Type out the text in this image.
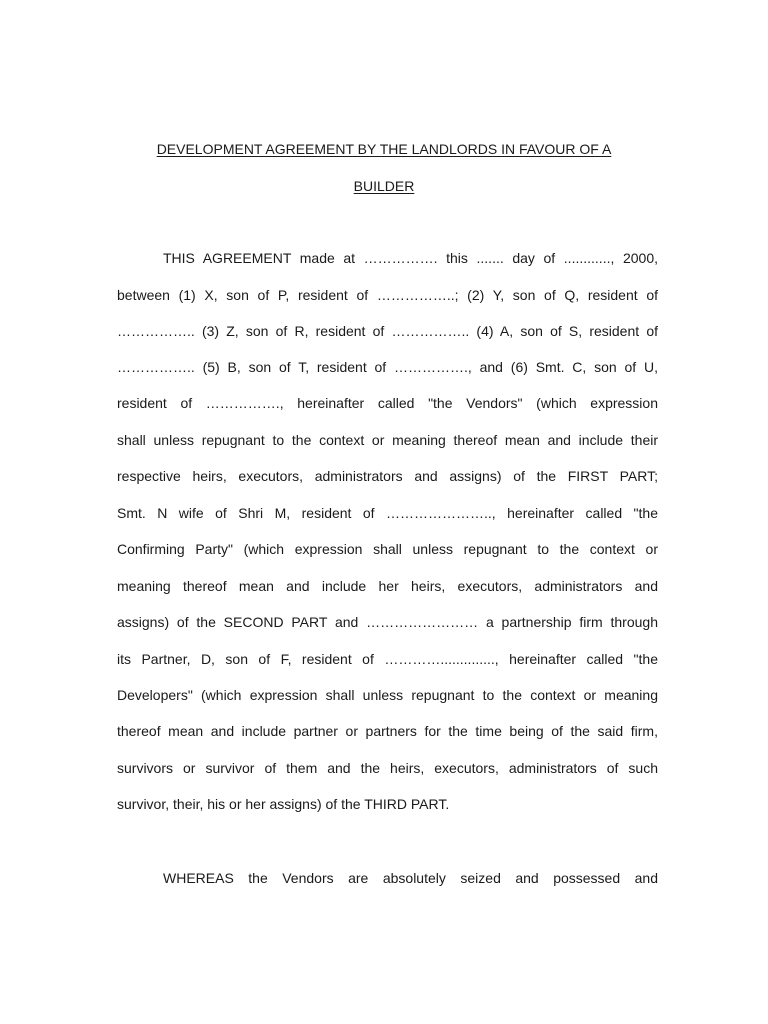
DEVELOPMENT AGREEMENT BY THE LANDLORDS IN FAVOUR OF A
BUILDER
THIS AGREEMENT made at ……………. this ....... day of ............, 2000,
between (1) X, son of P, resident of ……………..; (2) Y, son of Q, resident of
…………….. (3) Z, son of R, resident of …………….. (4) A, son of S, resident of
…………….. (5) B, son of T, resident of ……………., and (6) Smt. C, son of U,
resident of ……………., hereinafter called "the Vendors" (which expression
shall unless repugnant to the context or meaning thereof mean and include their
respective heirs, executors, administrators and assigns) of the FIRST PART;
Smt. N wife of Shri M, resident of ………………….., hereinafter called "the
Confirming Party" (which expression shall unless repugnant to the context or
meaning thereof mean and include her heirs, executors, administrators and
assigns) of the SECOND PART and …………………… a partnership firm through
its Partner, D, son of F, resident of ………….............., hereinafter called "the
Developers" (which expression shall unless repugnant to the context or meaning
thereof mean and include partner or partners for the time being of the said firm,
survivors or survivor of them and the heirs, executors, administrators of such
survivor, their, his or her assigns) of the THIRD PART.
WHEREAS the Vendors are absolutely seized and possessed and
